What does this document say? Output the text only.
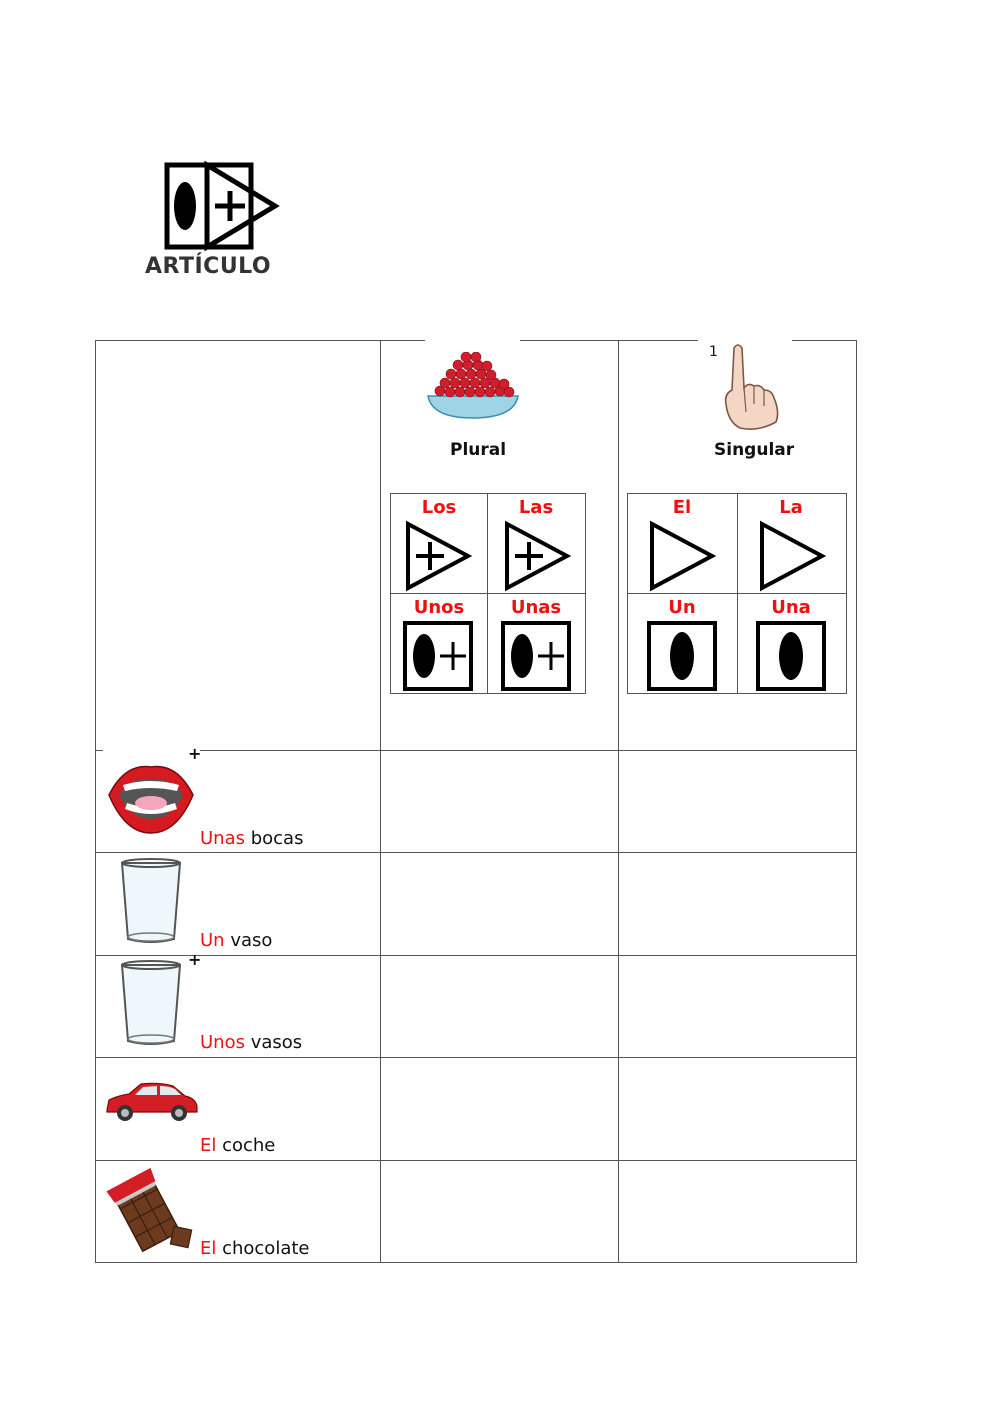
ARTÍCULO
Plural
1
Singular
Los	Las
Unos	Unas
El	La
Un	Una
+
Unas bocas
Un vaso
+
Unos vasos
El coche
El chocolate
